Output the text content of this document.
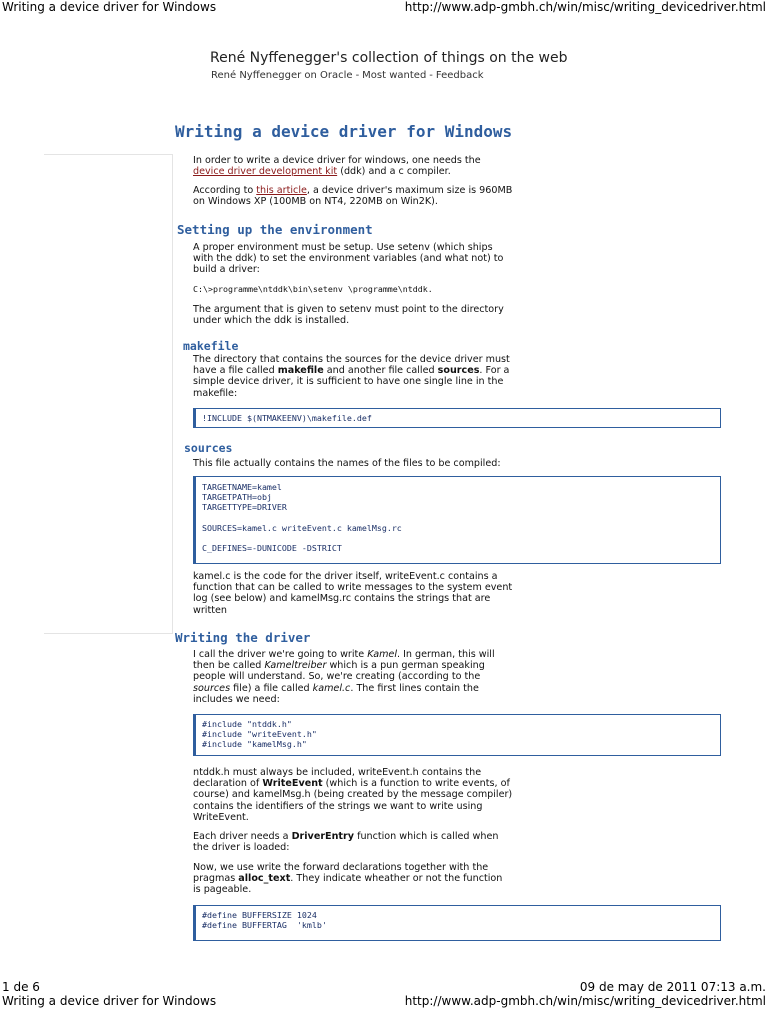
Writing a device driver for Windows	http://www.adp-gmbh.ch/win/misc/writing_devicedriver.html
René Nyffenegger's collection of things on the web
René Nyffenegger on Oracle - Most wanted - Feedback
Writing a device driver for Windows
In order to write a device driver for windows, one needs the
device driver development kit (ddk) and a c compiler.
According to this article, a device driver's maximum size is 960MB on Windows XP (100MB on NT4, 220MB on Win2K).
Setting up the environment
A proper environment must be setup. Use setenv (which ships with the ddk) to set the environment variables (and what not) to build a driver:
C:\>programme\ntddk\bin\setenv \programme\ntddk.
The argument that is given to setenv must point to the directory under which the ddk is installed.
makefile
The directory that contains the sources for the device driver must have a file called makefile and another file called sources. For a simple device driver, it is sufficient to have one single line in the makefile:
!INCLUDE $(NTMAKEENV)\makefile.def
sources
This file actually contains the names of the files to be compiled:
TARGETNAME=kamel
TARGETPATH=obj
TARGETTYPE=DRIVER
SOURCES=kamel.c writeEvent.c kamelMsg.rc
C_DEFINES=-DUNICODE -DSTRICT
kamel.c is the code for the driver itself, writeEvent.c contains a function that can be called to write messages to the system event log (see below) and kamelMsg.rc contains the strings that are written
Writing the driver
I call the driver we're going to write Kamel. In german, this will then be called Kameltreiber which is a pun german speaking people will understand. So, we're creating (according to the sources file) a file called kamel.c. The first lines contain the includes we need:
#include "ntddk.h"
#include "writeEvent.h"
#include "kamelMsg.h"
ntddk.h must always be included, writeEvent.h contains the declaration of WriteEvent (which is a function to write events, of course) and kamelMsg.h (being created by the message compiler) contains the identifiers of the strings we want to write using WriteEvent.
Each driver needs a DriverEntry function which is called when the driver is loaded:
Now, we use write the forward declarations together with the pragmas alloc_text. They indicate wheather or not the function is pageable.
#define BUFFERSIZE 1024
#define BUFFERTAG  'kmlb'
1 de 6	09 de may de 2011 07:13 a.m.
Writing a device driver for Windows	http://www.adp-gmbh.ch/win/misc/writing_devicedriver.html
